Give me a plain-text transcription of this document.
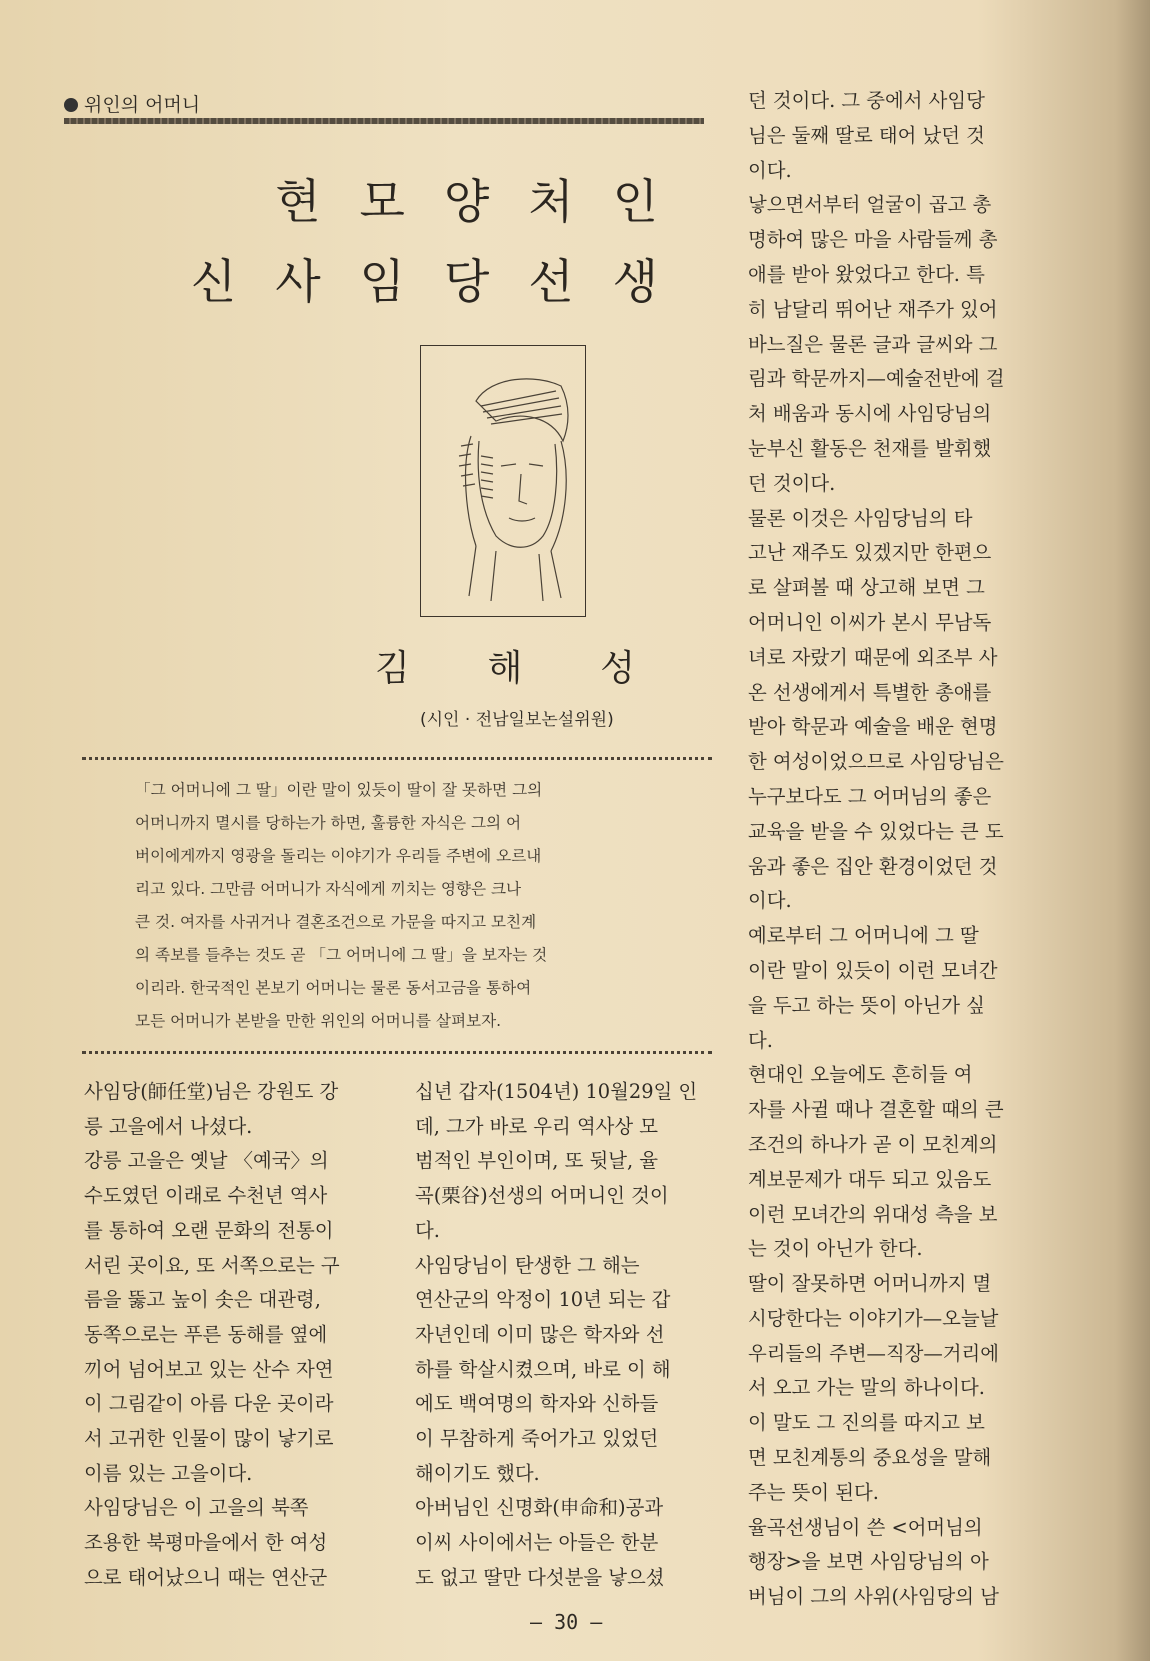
위인의 어머니
현 모 양 처 인
신 사 임 당 선 생
김 해 성
(시인 · 전남일보논설위원)

「그 어머니에 그 딸」이란 말이 있듯이 딸이 잘 못하면 그의

어머니까지 멸시를 당하는가 하면, 훌륭한 자식은 그의 어

버이에게까지 영광을 돌리는 이야기가 우리들 주변에 오르내

리고 있다. 그만큼 어머니가 자식에게 끼치는 영향은 크나

큰 것. 여자를 사귀거나 결혼조건으로 가문을 따지고 모친계

의 족보를 들추는 것도 곧 「그 어머니에 그 딸」을 보자는 것

이리라. 한국적인 본보기 어머니는 물론 동서고금을 통하여

모든 어머니가 본받을 만한 위인의 어머니를 살펴보자.

사임당(師任堂)님은 강원도 강

릉 고을에서 나셨다.

강릉 고을은 옛날 〈예국〉의

수도였던 이래로 수천년 역사

를 통하여 오랜 문화의 전통이

서린 곳이요, 또 서쪽으로는 구

름을 뚫고 높이 솟은 대관령,

동쪽으로는 푸른 동해를 옆에

끼어 넘어보고 있는 산수 자연

이 그림같이 아름 다운 곳이라

서 고귀한 인물이 많이 낳기로

이름 있는 고을이다.

사임당님은 이 고을의 북쪽

조용한 북평마을에서 한 여성

으로 태어났으니 때는 연산군

십년 갑자(1504년) 10월29일 인

데, 그가 바로 우리 역사상 모

범적인 부인이며, 또 뒷날, 율

곡(栗谷)선생의 어머니인 것이

다.

사임당님이 탄생한 그 해는

연산군의 악정이 10년 되는 갑

자년인데 이미 많은 학자와 선

하를 학살시켰으며, 바로 이 해

에도 백여명의 학자와 신하들

이 무참하게 죽어가고 있었던

해이기도 했다.

아버님인 신명화(申命和)공과

이씨 사이에서는 아들은 한분

도 없고 딸만 다섯분을 낳으셨

던 것이다. 그 중에서 사임당

님은 둘째 딸로 태어 났던 것

이다.

낳으면서부터 얼굴이 곱고 총

명하여 많은 마을 사람들께 총

애를 받아 왔었다고 한다. 특

히 남달리 뛰어난 재주가 있어

바느질은 물론 글과 글씨와 그

림과 학문까지—예술전반에 걸

처 배움과 동시에 사임당님의

눈부신 활동은 천재를 발휘했

던 것이다.

물론 이것은 사임당님의 타

고난 재주도 있겠지만 한편으

로 살펴볼 때 상고해 보면 그

어머니인 이씨가 본시 무남독

녀로 자랐기 때문에 외조부 사

온 선생에게서 특별한 총애를

받아 학문과 예술을 배운 현명

한 여성이었으므로 사임당님은

누구보다도 그 어머님의 좋은

교육을 받을 수 있었다는 큰 도

움과 좋은 집안 환경이었던 것

이다.

예로부터 그 어머니에 그 딸

이란 말이 있듯이 이런 모녀간

을 두고 하는 뜻이 아닌가 싶

다.

현대인 오늘에도 흔히들 여

자를 사귈 때나 결혼할 때의 큰

조건의 하나가 곧 이 모친계의

계보문제가 대두 되고 있음도

이런 모녀간의 위대성 측을 보

는 것이 아닌가 한다.

딸이 잘못하면 어머니까지 멸

시당한다는 이야기가—오늘날

우리들의 주변—직장—거리에

서 오고 가는 말의 하나이다.

이 말도 그 진의를 따지고 보

면 모친계통의 중요성을 말해

주는 뜻이 된다.

율곡선생님이 쓴 <어머님의

행장>을 보면 사임당님의 아

버님이 그의 사위(사임당의 남

— 30 —
